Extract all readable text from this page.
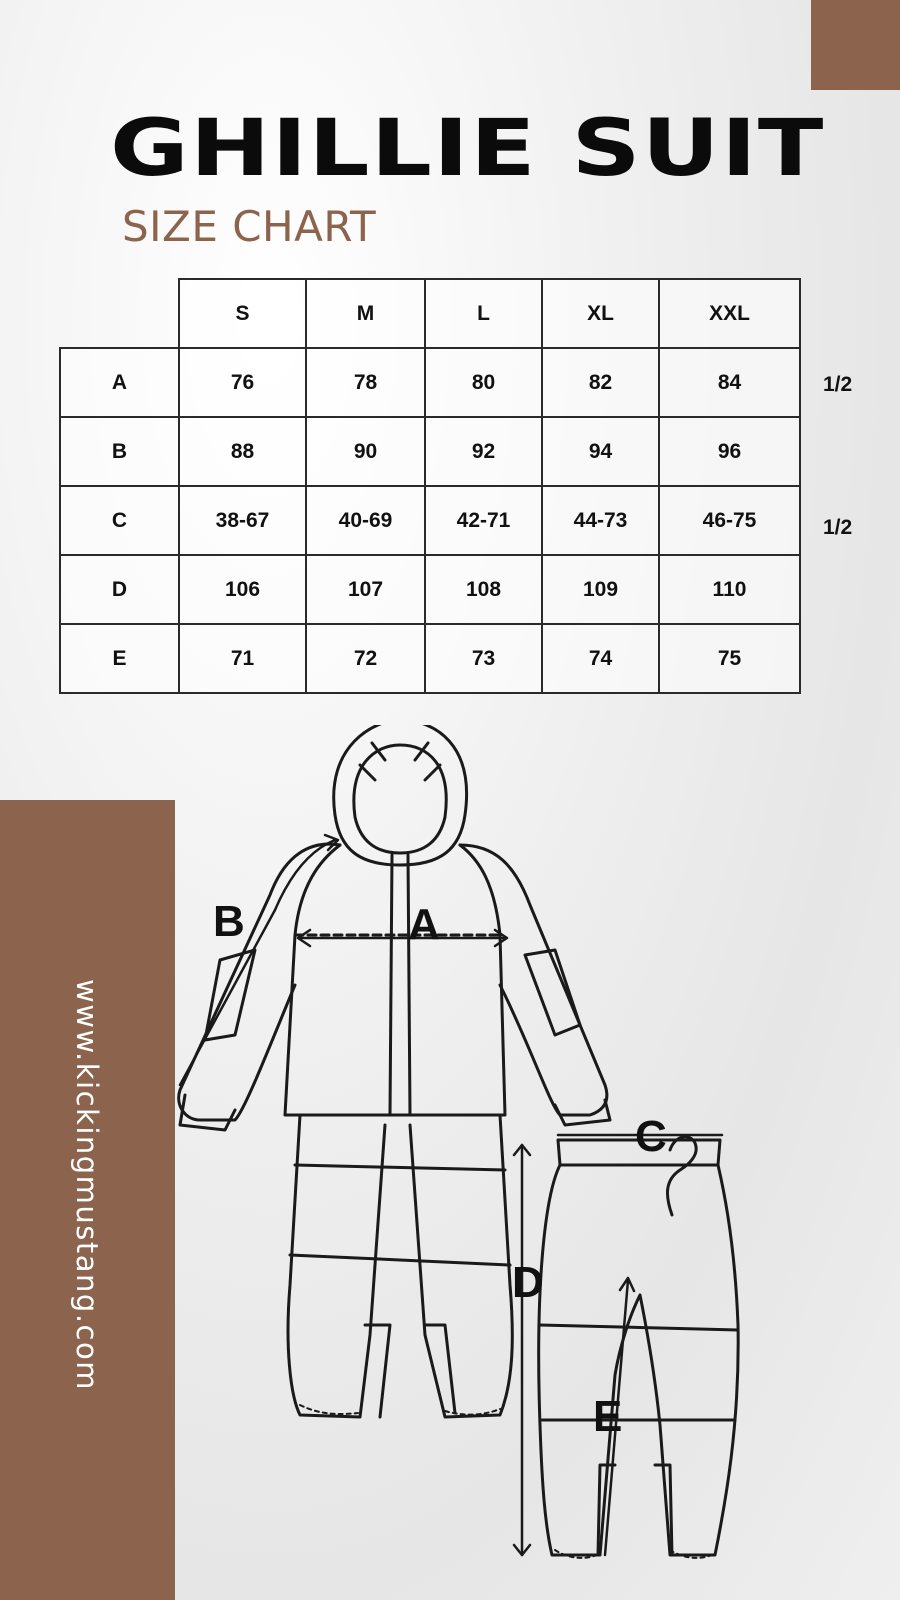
www.kickingmustang.com
GHILLIE SUIT
SIZE CHART
	S	M	L	XL	XXL
A	76	78	80	82	84
B	88	90	92	94	96
C	38-67	40-69	42-71	44-73	46-75
D	106	107	108	109	110
E	71	72	73	74	75
1/2
1/2
B	A
C
D
E
